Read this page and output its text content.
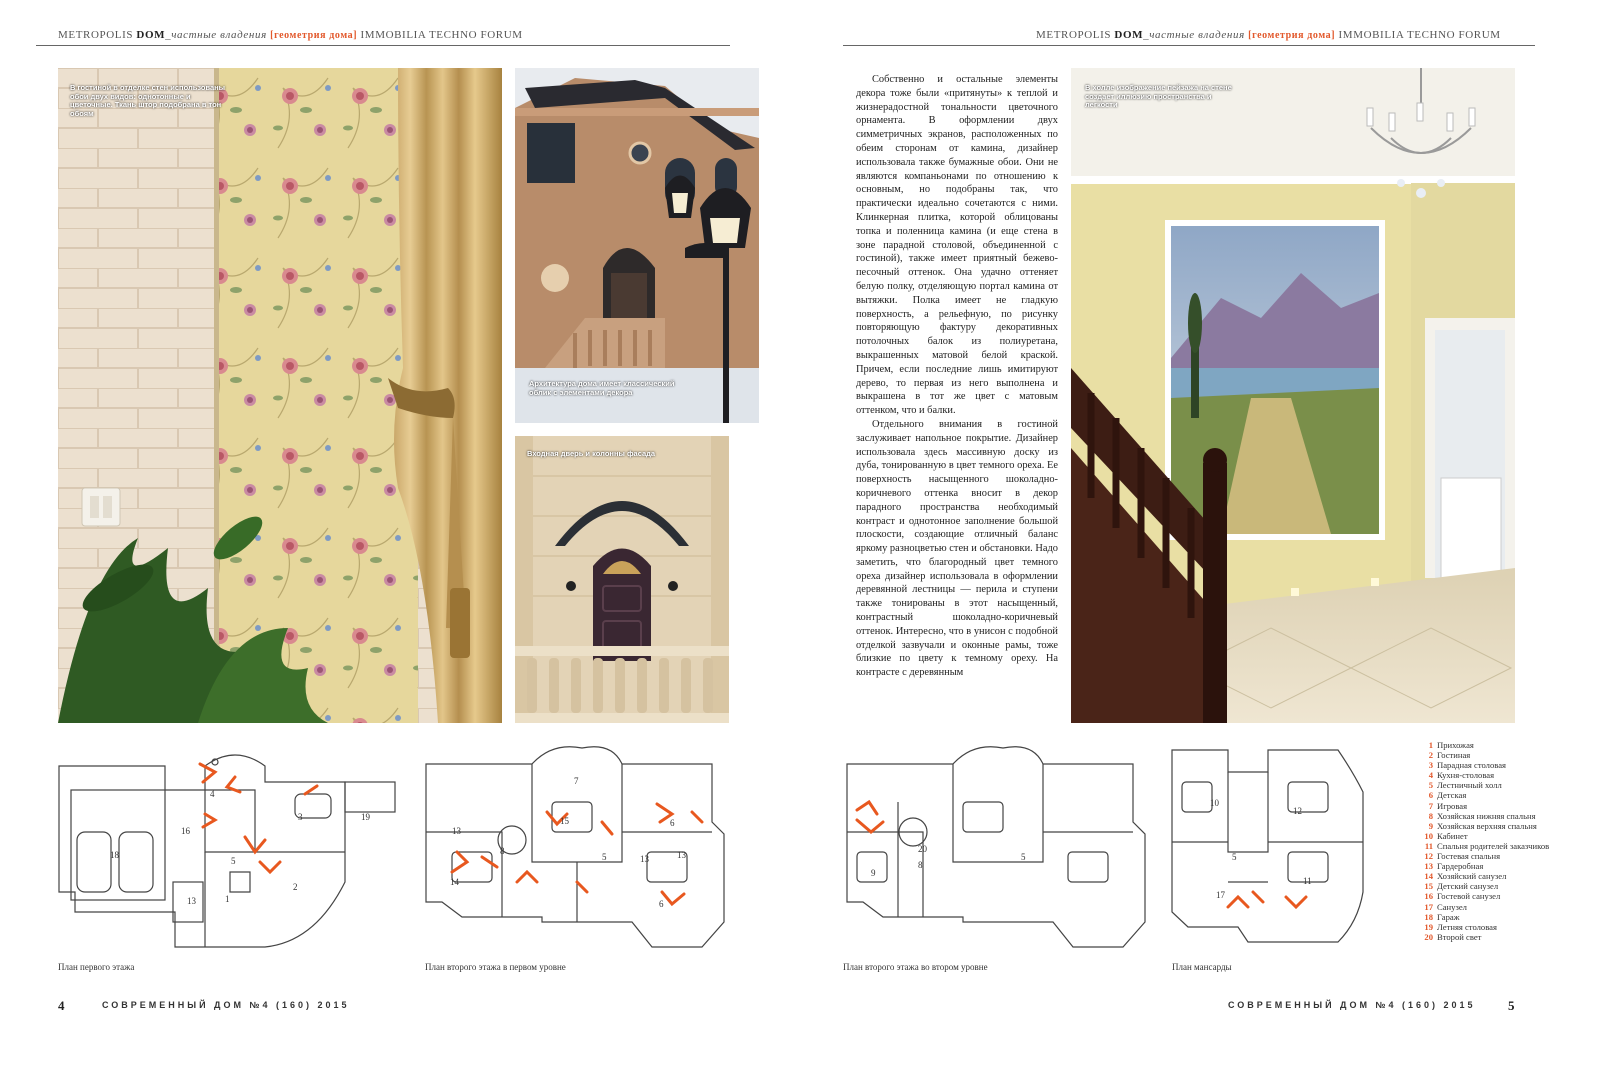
METROPOLIS DOM_частные владения [геометрия дома] IMMOBILIA TECHNO FORUM	METROPOLIS DOM_частные владения [геометрия дома] IMMOBILIA TECHNO FORUM
В гостиной в отделке стен использованы обои двух видов: однотонные и цветочные. Ткань штор подобрана в тон обоям
Архитектура дома имеет классический облик с элементами декора
Входная дверь и колонны фасада

Собственно и остальные элементы декора тоже были «притянуты» к теплой и жизнерадостной тональности цветочного орнамента. В оформлении двух симметричных экранов, расположенных по обеим сторонам от камина, дизайнер использовала также бумажные обои. Они не являются компаньонами по отношению к основным, но подобраны так, что практически идеально сочетаются с ними. Клинкерная плитка, которой облицованы топка и поленница камина (и еще стена в зоне парадной столовой, объединенной с гостиной), также имеет приятный бежево-песочный оттенок. Она удачно оттеняет белую полку, отделяющую портал камина от вытяжки. Полка имеет не гладкую поверхность, а рельефную, по рисунку повторяющую фактуру декоративных потолочных балок из полиуретана, выкрашенных матовой белой краской. Причем, если последние лишь имитируют дерево, то первая из него выполнена и выкрашена в тот же цвет с матовым оттенком, что и балки.

Отдельного внимания в гостиной заслуживает напольное покрытие. Дизайнер использовала здесь массивную доску из дуба, тонированную в цвет темного ореха. Ее поверхность насыщенного шоколадно-коричневого оттенка вносит в декор парадного пространства необходимый контраст и однотонное заполнение большой плоскости, создающие отличный баланс яркому разноцветью стен и обстановки. Надо заметить, что благородный цвет темного ореха дизайнер использовала в оформлении деревянной лестницы — перила и ступени также тонированы в этот насыщенный, контрастный шоколадно-коричневый оттенок. Интересно, что в унисон с подобной отделкой зазвучали и оконные рамы, тоже близкие по цвету к темному ореху. На контрасте с деревянным

В холле изображение пейзажа на стене создает иллюзию пространства и легкости
4
3	19
16
5
2
18
13	1
План первого этажа
7
13
8
15
5
6
13	13
14
6
План второго этажа в первом уровне
20
5
9
8
План второго этажа во втором уровне
10
12
5
11
17
План мансарды
1 Прихожая
2 Гостиная
3 Парадная столовая
4 Кухня-столовая
5 Лестничный холл
6 Детская
7 Игровая
8 Хозяйская нижняя спальня
9 Хозяйская верхняя спальня
10 Кабинет
11 Спальня родителей заказчиков
12 Гостевая спальня
13 Гардеробная
14 Хозяйский санузел
15 Детский санузел
16 Гостевой санузел
17 Санузел
18 Гараж
19 Летняя столовая
20 Второй свет
4	СОВРЕМЕННЫЙ ДОМ №4 (160) 2015	СОВРЕМЕННЫЙ ДОМ №4 (160) 2015 5
